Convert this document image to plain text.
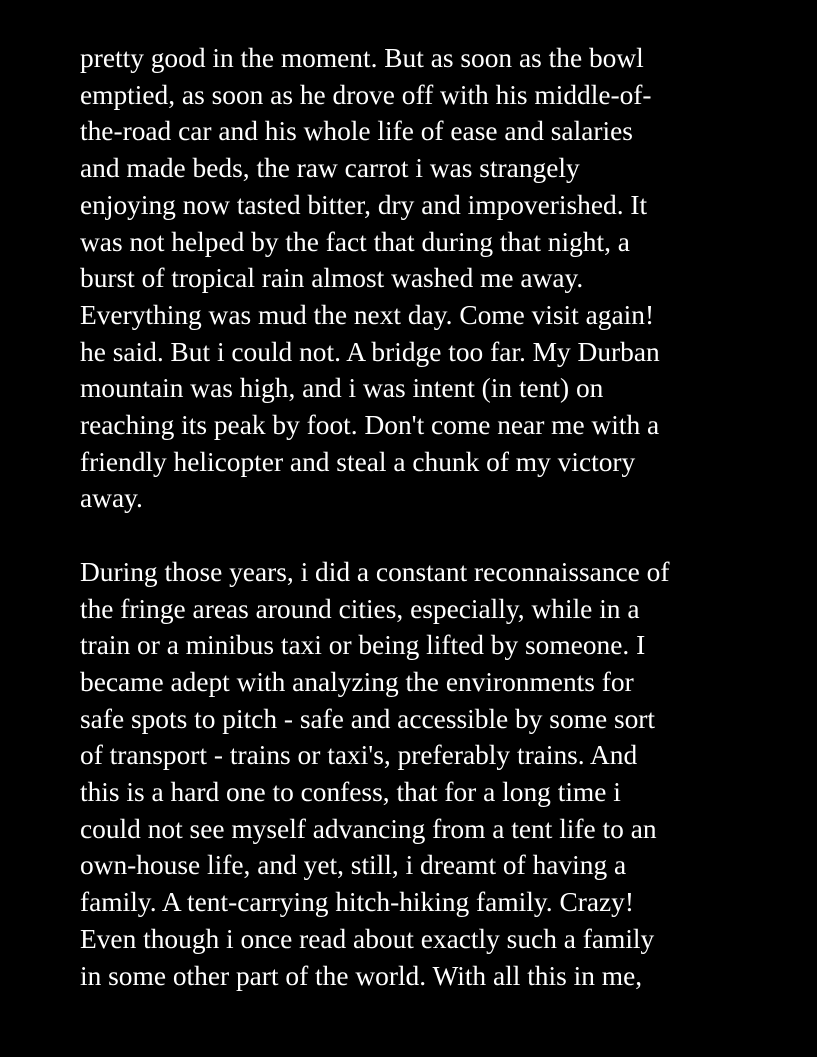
pretty good in the moment. But as soon as the bowl
emptied, as soon as he drove off with his middle-of-
the-road car and his whole life of ease and salaries
and made beds, the raw carrot i was strangely
enjoying now tasted bitter, dry and impoverished. It
was not helped by the fact that during that night, a
burst of tropical rain almost washed me away.
Everything was mud the next day. Come visit again!
he said. But i could not. A bridge too far. My Durban
mountain was high, and i was intent (in tent) on
reaching its peak by foot. Don't come near me with a
friendly helicopter and steal a chunk of my victory
away.
During those years, i did a constant reconnaissance of
the fringe areas around cities, especially, while in a
train or a minibus taxi or being lifted by someone. I
became adept with analyzing the environments for
safe spots to pitch - safe and accessible by some sort
of transport - trains or taxi's, preferably trains. And
this is a hard one to confess, that for a long time i
could not see myself advancing from a tent life to an
own-house life, and yet, still, i dreamt of having a
family. A tent-carrying hitch-hiking family. Crazy!
Even though i once read about exactly such a family
in some other part of the world. With all this in me,
